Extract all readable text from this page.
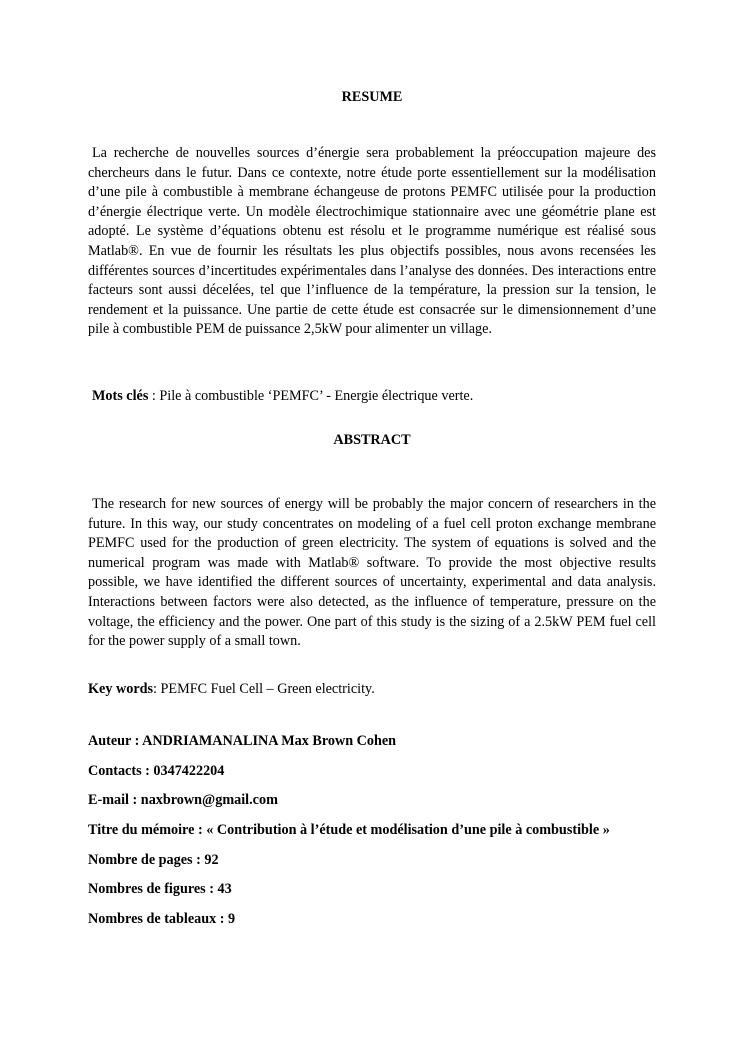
RESUME

La recherche de nouvelles sources d’énergie sera probablement la préoccupation majeure des chercheurs dans le futur. Dans ce contexte, notre étude porte essentiellement sur la modélisation d’une pile à combustible à membrane échangeuse de protons PEMFC utilisée pour la production d’énergie électrique verte. Un modèle électrochimique stationnaire avec une géométrie plane est adopté. Le système d’équations obtenu est résolu et le programme numérique est réalisé sous Matlab®. En vue de fournir les résultats les plus objectifs possibles, nous avons recensées les différentes sources d’incertitudes expérimentales dans l’analyse des données. Des interactions entre facteurs sont aussi décelées, tel que l’influence de la température, la pression sur la tension, le rendement et la puissance. Une partie de cette étude est consacrée sur le dimensionnement d’une pile à combustible PEM de puissance 2,5kW pour alimenter un village.

Mots clés : Pile à combustible ‘PEMFC’ - Energie électrique verte.

ABSTRACT

The research for new sources of energy will be probably the major concern of researchers in the future. In this way, our study concentrates on modeling of a fuel cell proton exchange membrane PEMFC used for the production of green electricity. The system of equations is solved and the numerical program was made with Matlab® software. To provide the most objective results possible, we have identified the different sources of uncertainty, experimental and data analysis. Interactions between factors were also detected, as the influence of temperature, pressure on the voltage, the efficiency and the power. One part of this study is the sizing of a 2.5kW PEM fuel cell for the power supply of a small town.

Key words: PEMFC Fuel Cell – Green electricity.

Auteur : ANDRIAMANALINA Max Brown Cohen

Contacts : 0347422204

E-mail : naxbrown@gmail.com

Titre du mémoire : « Contribution à l’étude et modélisation d’une pile à combustible »

Nombre de pages : 92

Nombres de figures : 43

Nombres de tableaux : 9
